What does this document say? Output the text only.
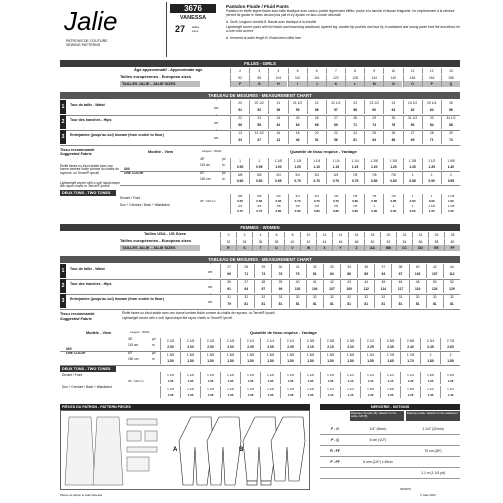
Jalie
PATRONS DE COUTURE
SEWING PATTERNS
3676
VANESSA
27	tailles
sizes
Pantalon Fluide / Fluid Pants
Pantalon en étoffe légère tissée avec taille élastique avec cordon, jambe légèrement effilée, poche à la hanche et fausse braguette. Un empiècement à la ceinture permet de garder le milieu devant plus plat et d'y ajouter un faux cordon décoratif.
A. Ourlé, longueur cheville B. Bande avec élastique à la cheville
Lightweight woven pants with full elastic and drawstring waistband, tapered leg, slanted hip pockets and faux fly. A waistband and casing panel front flat and allows for a cute color accent.
A. Hemmed at ankle length B. Elasticized cuffed hem
FILLES - GIRLS
Âge approximatif - Approximate age
Tailles européennes - European sizes
TAILLES JALIE - JALIE SIZES
2	3	4	5	6	7	8	9	10	11	12	13
92	98	104	110	116	122	128	134	140	146	152	158
F	G	H	I	J	K	L	M	N	O	P	Q
TABLEAU DE MESURES - MEASUREMENT CHART
1	Tour de taille - Waist
"
cm
20	20 1/2	21	21 1/2	22	22 1/2	23	23 1/2	24	24 1/2	25 1/4	26
51	52	53	55	56	57	58	60	61	62	64	66
2	Tour des hanches - Hips
"
cm
22	23	24	25	26	27	28	29	30	31 1/2	33	34 1/2
56	58	61	64	66	69	71	74	76	80	84	88
3	Entrejambe (jusqu'au sol) Inseam (from crotch to floor)
"
cm
13	14 1/2	16	18	20	22	24	25	26	27	28	29
33	37	41	46	51	56	61	64	66	69	71	74
Tissu recommandé
Suggested Fabric
Étoffe tissée ou tricot stable avec une bonne tombée fluide comme du challis de rayonne, ou Tencel® lyocell.
Lightweight woven with a soft, liquid drape like rayon challis or Tencel® lyocell.
Modèle - View	Largeur - Width	Quantité de tissu requise - Yardage
UNI
ONE COLOR
DEUX TONS - TWO TONES
45"
115 cm
yd
m
1	1	1 1/8	1 1/8	1 1/4	1 1/4	1 1/4	1 3/8	1 3/8	1 3/8	1 1/2	1 5/8
0.90	0.95	1.00	1.05	1.10	1.15	1.15	1.20	1.25	1.30	1.35	1.40
60"
150 cm
yd
m
5/8	5/8	3/4	3/4	3/4	3/4	7/8	7/8	7/8	1	1	1
0.60	0.60	0.65	0.70	0.70	0.70	0.75	0.80	0.80	0.85	0.90	0.95
Devant / Front
Dos + Ceinture / Back + Waistband
45" / 115 cm
5/8	5/8	3/4	3/4	3/4	7/8	7/8	7/8	7/8	1	1	1 1/8
0.55	0.60	0.65	0.70	0.70	0.75	0.80	0.85	0.85	0.90	0.95	1.00
3/4	3/4	7/8	7/8	7/8	7/8	7/8	1	1	1	1 1/8	1 1/8
0.70	0.75	0.80	0.80	0.80	0.80	0.85	0.90	0.95	0.95	1.00	1.05
FEMMES - WOMEN
Tailles USA - US Sizes
Tailles européennes - European sizes
TAILLES JALIE - JALIE SIZES
0	2	4	6	8	10	12	14	16	18	20	22	24	26	28
32	34	36	38	40	42	44	46	48	50	52	54	56	58	60
R	S	T	U	V	W	X	Y	Z	AA	BB	CC	DD	EE	FF
TABLEAU DE MESURES - MEASUREMENT CHART
1	Tour de taille - Waist
"
cm
27	28	29	30	31	32	33	34	35	37	38	40	42	44
69	71	74	76	79	81	84	86	89	94	97	102	107	112
2	Tour des hanches - Hips
"
cm
36	37	38	39	40	41	42	43	44	45	46	48	50	52
91	94	97	99	102	104	107	109	112	114	117	119	124	129
3	Entrejambe (jusqu'au sol) Inseam (from crotch to floor)
"
cm
31	32	32	32	32	32	32	32	32	32	32	32	32	32
79	81	81	81	81	81	81	81	81	81	81	81	81	81
Tissu recommandé
Suggested Fabric
Étoffe tissée ou tricot stable avec une bonne tombée fluide comme du challis de rayonne, ou Tencel® lyocell.
Lightweight woven with a soft, liquid drape like rayon challis or Tencel® lyocell.
Modèle - View	Largeur - Width	Quantité de tissu requise - Yardage
UNI
ONE COLOR
DEUX TONS - TWO TONES
45"
115 cm
yd
m
2 1/8	2 1/8	2 1/8	2 1/8	2 1/4	2 1/4	2 1/4	2 3/8	2 3/8	2 3/8	2 1/2	2 5/8	2 5/8	2 3/4	2 7/8
2.00	2.00	2.00	2.00	2.05	2.05	2.05	2.15	2.15	2.20	2.25	2.35	2.40	2.45	2.60
60"
150 cm
yd
m
1 5/8	1 5/8	1 5/8	1 5/8	1 5/8	1 5/8	1 5/8	1 5/8	1 5/8	1 5/8	1 3/4	1 7/8	1 7/8	2	2
1.50	1.50	1.50	1.50	1.50	1.50	1.50	1.50	1.50	1.50	1.55	1.65	1.70	1.80	1.85
Devant / Front
Dos + Ceinture / Back + Waistband
45" / 115 cm
1 1/8	1 1/8	1 1/8	1 1/8	1 1/8	1 1/8	1 1/8	1 1/8	1 1/8	1 1/4	1 1/4	1 1/4	1 1/4	1 3/8	1 3/8
1.05	1.05	1.05	1.05	1.05	1.05	1.05	1.05	1.05	1.10	1.10	1.15	1.20	1.25	1.25
1 1/8	1 1/8	1 1/8	1 1/8	1 1/8	1 1/8	1 1/8	1 1/8	1 1/4	1 1/4	1 3/8	1 3/8	1 3/8	1 1/2	1 1/2
1.05	1.05	1.05	1.05	1.05	1.05	1.05	1.05	1.10	1.15	1.20	1.25	1.25	1.35	1.40
PIÈCES DU PATRON - PATTERN PIECES
A	B
MERCERIE - NOTIONS
Élastique cheville (B) / Elastic for the ankle cuff (B)
Élastique taille / Elastic for the waistband
F - O	1/4" (6mm)	1 1/4" (32mm)
P - Q	6 cm (1/2")
R - FF	70 cm (28")
P - FF	6 mm (1/4") x 45cm
1.1 m (1 1/4 yd)
Pièces du patron et Jalie Vanessa
3003676
© Jalie 2020
